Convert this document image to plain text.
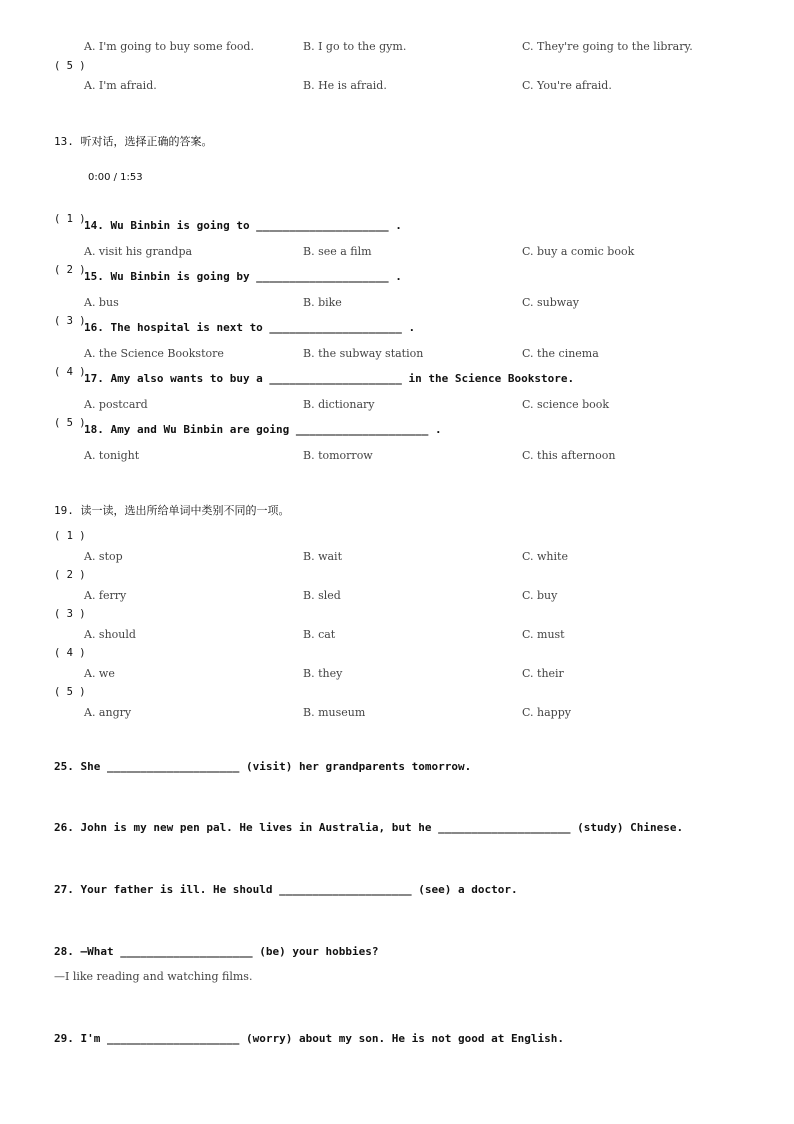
A. I'm going to buy some food.	B. I go to the gym.	C. They're going to the library.
( 5 )
A. I'm afraid.	B. He is afraid.	C. You're afraid.
13. 听对话，选择正确的答案。
0:00 / 1:53
( 1 )
14. Wu Binbin is going to ____________________ .
A. visit his grandpa	B. see a film	C. buy a comic book
( 2 )
15. Wu Binbin is going by ____________________ .
A. bus	B. bike	C. subway
( 3 )
16. The hospital is next to ____________________ .
A. the Science Bookstore	B. the subway station	C. the cinema
( 4 )
17. Amy also wants to buy a ____________________ in the Science Bookstore.
A. postcard	B. dictionary	C. science book
( 5 )
18. Amy and Wu Binbin are going ____________________ .
A. tonight	B. tomorrow	C. this afternoon
19. 读一读，选出所给单词中类别不同的一项。
( 1 )
A. stop	B. wait	C. white
( 2 )
A. ferry	B. sled	C. buy
( 3 )
A. should	B. cat	C. must
( 4 )
A. we	B. they	C. their
( 5 )
A. angry	B. museum	C. happy
25. She ____________________ (visit) her grandparents tomorrow.
26. John is my new pen pal. He lives in Australia, but he ____________________ (study) Chinese.
27. Your father is ill. He should ____________________ (see) a doctor.
28. —What ____________________ (be) your hobbies?
—I like reading and watching films.
29. I'm ____________________ (worry) about my son. He is not good at English.
